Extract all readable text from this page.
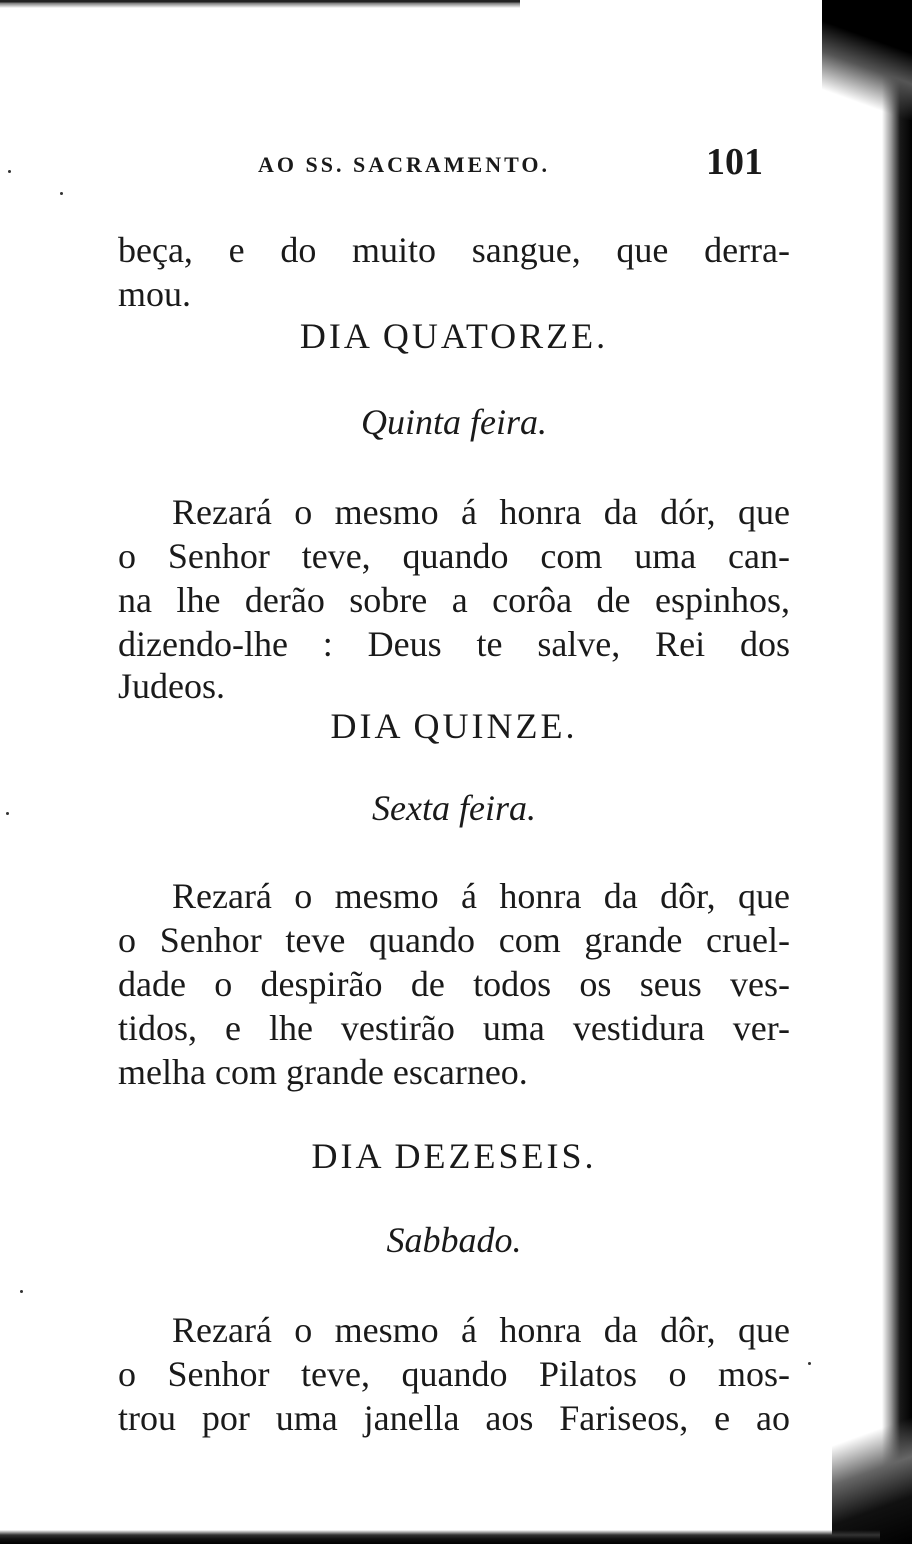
AO SS. SACRAMENTO.	101
beça, e do muito sangue, que derra-
mou.
DIA QUATORZE.
Quinta feira.
Rezará o mesmo á honra da dór, que
o Senhor teve, quando com uma can-
na lhe derão sobre a corôa de espinhos,
dizendo-lhe : Deus te salve, Rei dos
Judeos.
DIA QUINZE.
Sexta feira.
Rezará o mesmo á honra da dôr, que
o Senhor teve quando com grande cruel-
dade o despirão de todos os seus ves-
tidos, e lhe vestirão uma vestidura ver-
melha com grande escarneo.
DIA DEZESEIS.
Sabbado.
Rezará o mesmo á honra da dôr, que
o Senhor teve, quando Pilatos o mos-
trou por uma janella aos Fariseos, e ao
